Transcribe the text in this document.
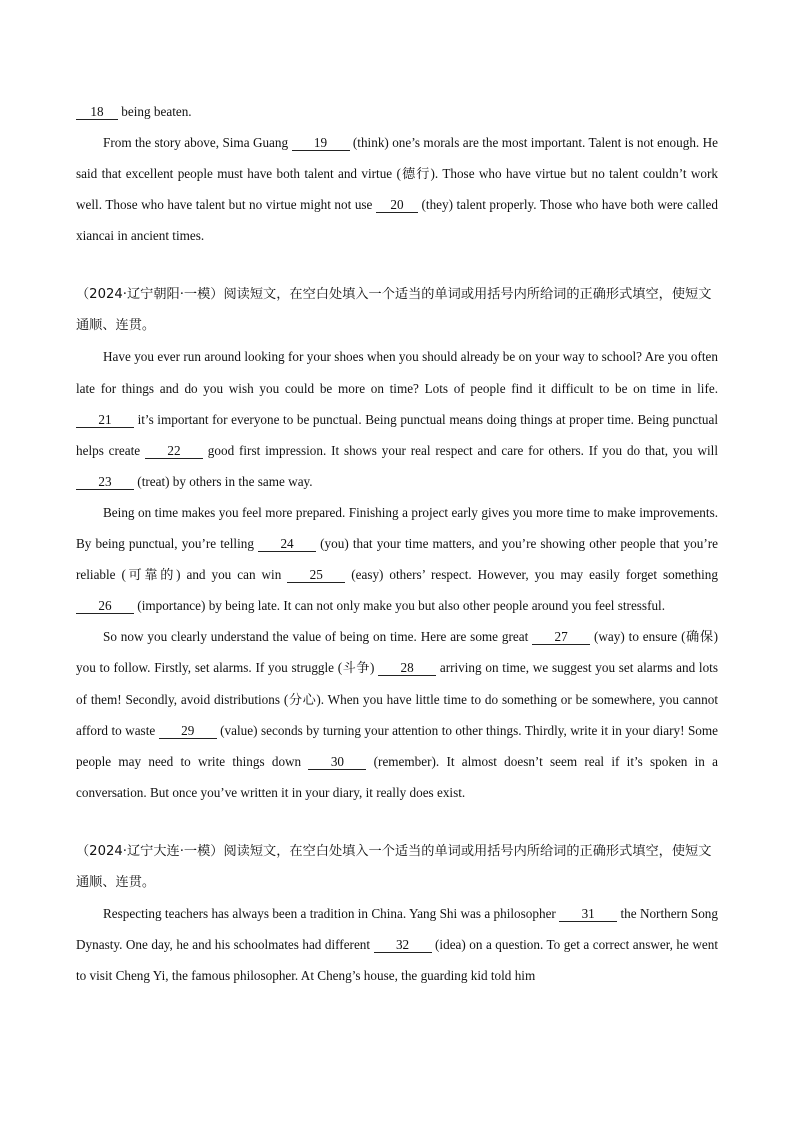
18 being beaten.

From the story above, Sima Guang 19 (think) one’s morals are the most important. Talent is not enough. He said that excellent people must have both talent and virtue (德行). Those who have virtue but no talent couldn’t work well. Those who have talent but no virtue might not use 20 (they) talent properly. Those who have both were called xiancai in ancient times.

（2024·辽宁朝阳·一模）阅读短文，在空白处填入一个适当的单词或用括号内所给词的正确形式填空，使短文通顺、连贯。

Have you ever run around looking for your shoes when you should already be on your way to school? Are you often late for things and do you wish you could be more on time? Lots of people find it difficult to be on time in life. 21 it’s important for everyone to be punctual. Being punctual means doing things at proper time. Being punctual helps create 22 good first impression. It shows your real respect and care for others. If you do that, you will 23 (treat) by others in the same way.

Being on time makes you feel more prepared. Finishing a project early gives you more time to make improvements. By being punctual, you’re telling 24 (you) that your time matters, and you’re showing other people that you’re reliable (可靠的) and you can win 25 (easy) others’ respect. However, you may easily forget something 26 (importance) by being late. It can not only make you but also other people around you feel stressful.

So now you clearly understand the value of being on time. Here are some great 27 (way) to ensure (确保) you to follow. Firstly, set alarms. If you struggle (斗争) 28 arriving on time, we suggest you set alarms and lots of them! Secondly, avoid distributions (分心). When you have little time to do something or be somewhere, you cannot afford to waste 29 (value) seconds by turning your attention to other things. Thirdly, write it in your diary! Some people may need to write things down 30 (remember). It almost doesn’t seem real if it’s spoken in a conversation. But once you’ve written it in your diary, it really does exist.

（2024·辽宁大连·一模）阅读短文，在空白处填入一个适当的单词或用括号内所给词的正确形式填空，使短文通顺、连贯。

Respecting teachers has always been a tradition in China. Yang Shi was a philosopher 31 the Northern Song Dynasty. One day, he and his schoolmates had different 32 (idea) on a question. To get a correct answer, he went to visit Cheng Yi, the famous philosopher. At Cheng’s house, the guarding kid told him
